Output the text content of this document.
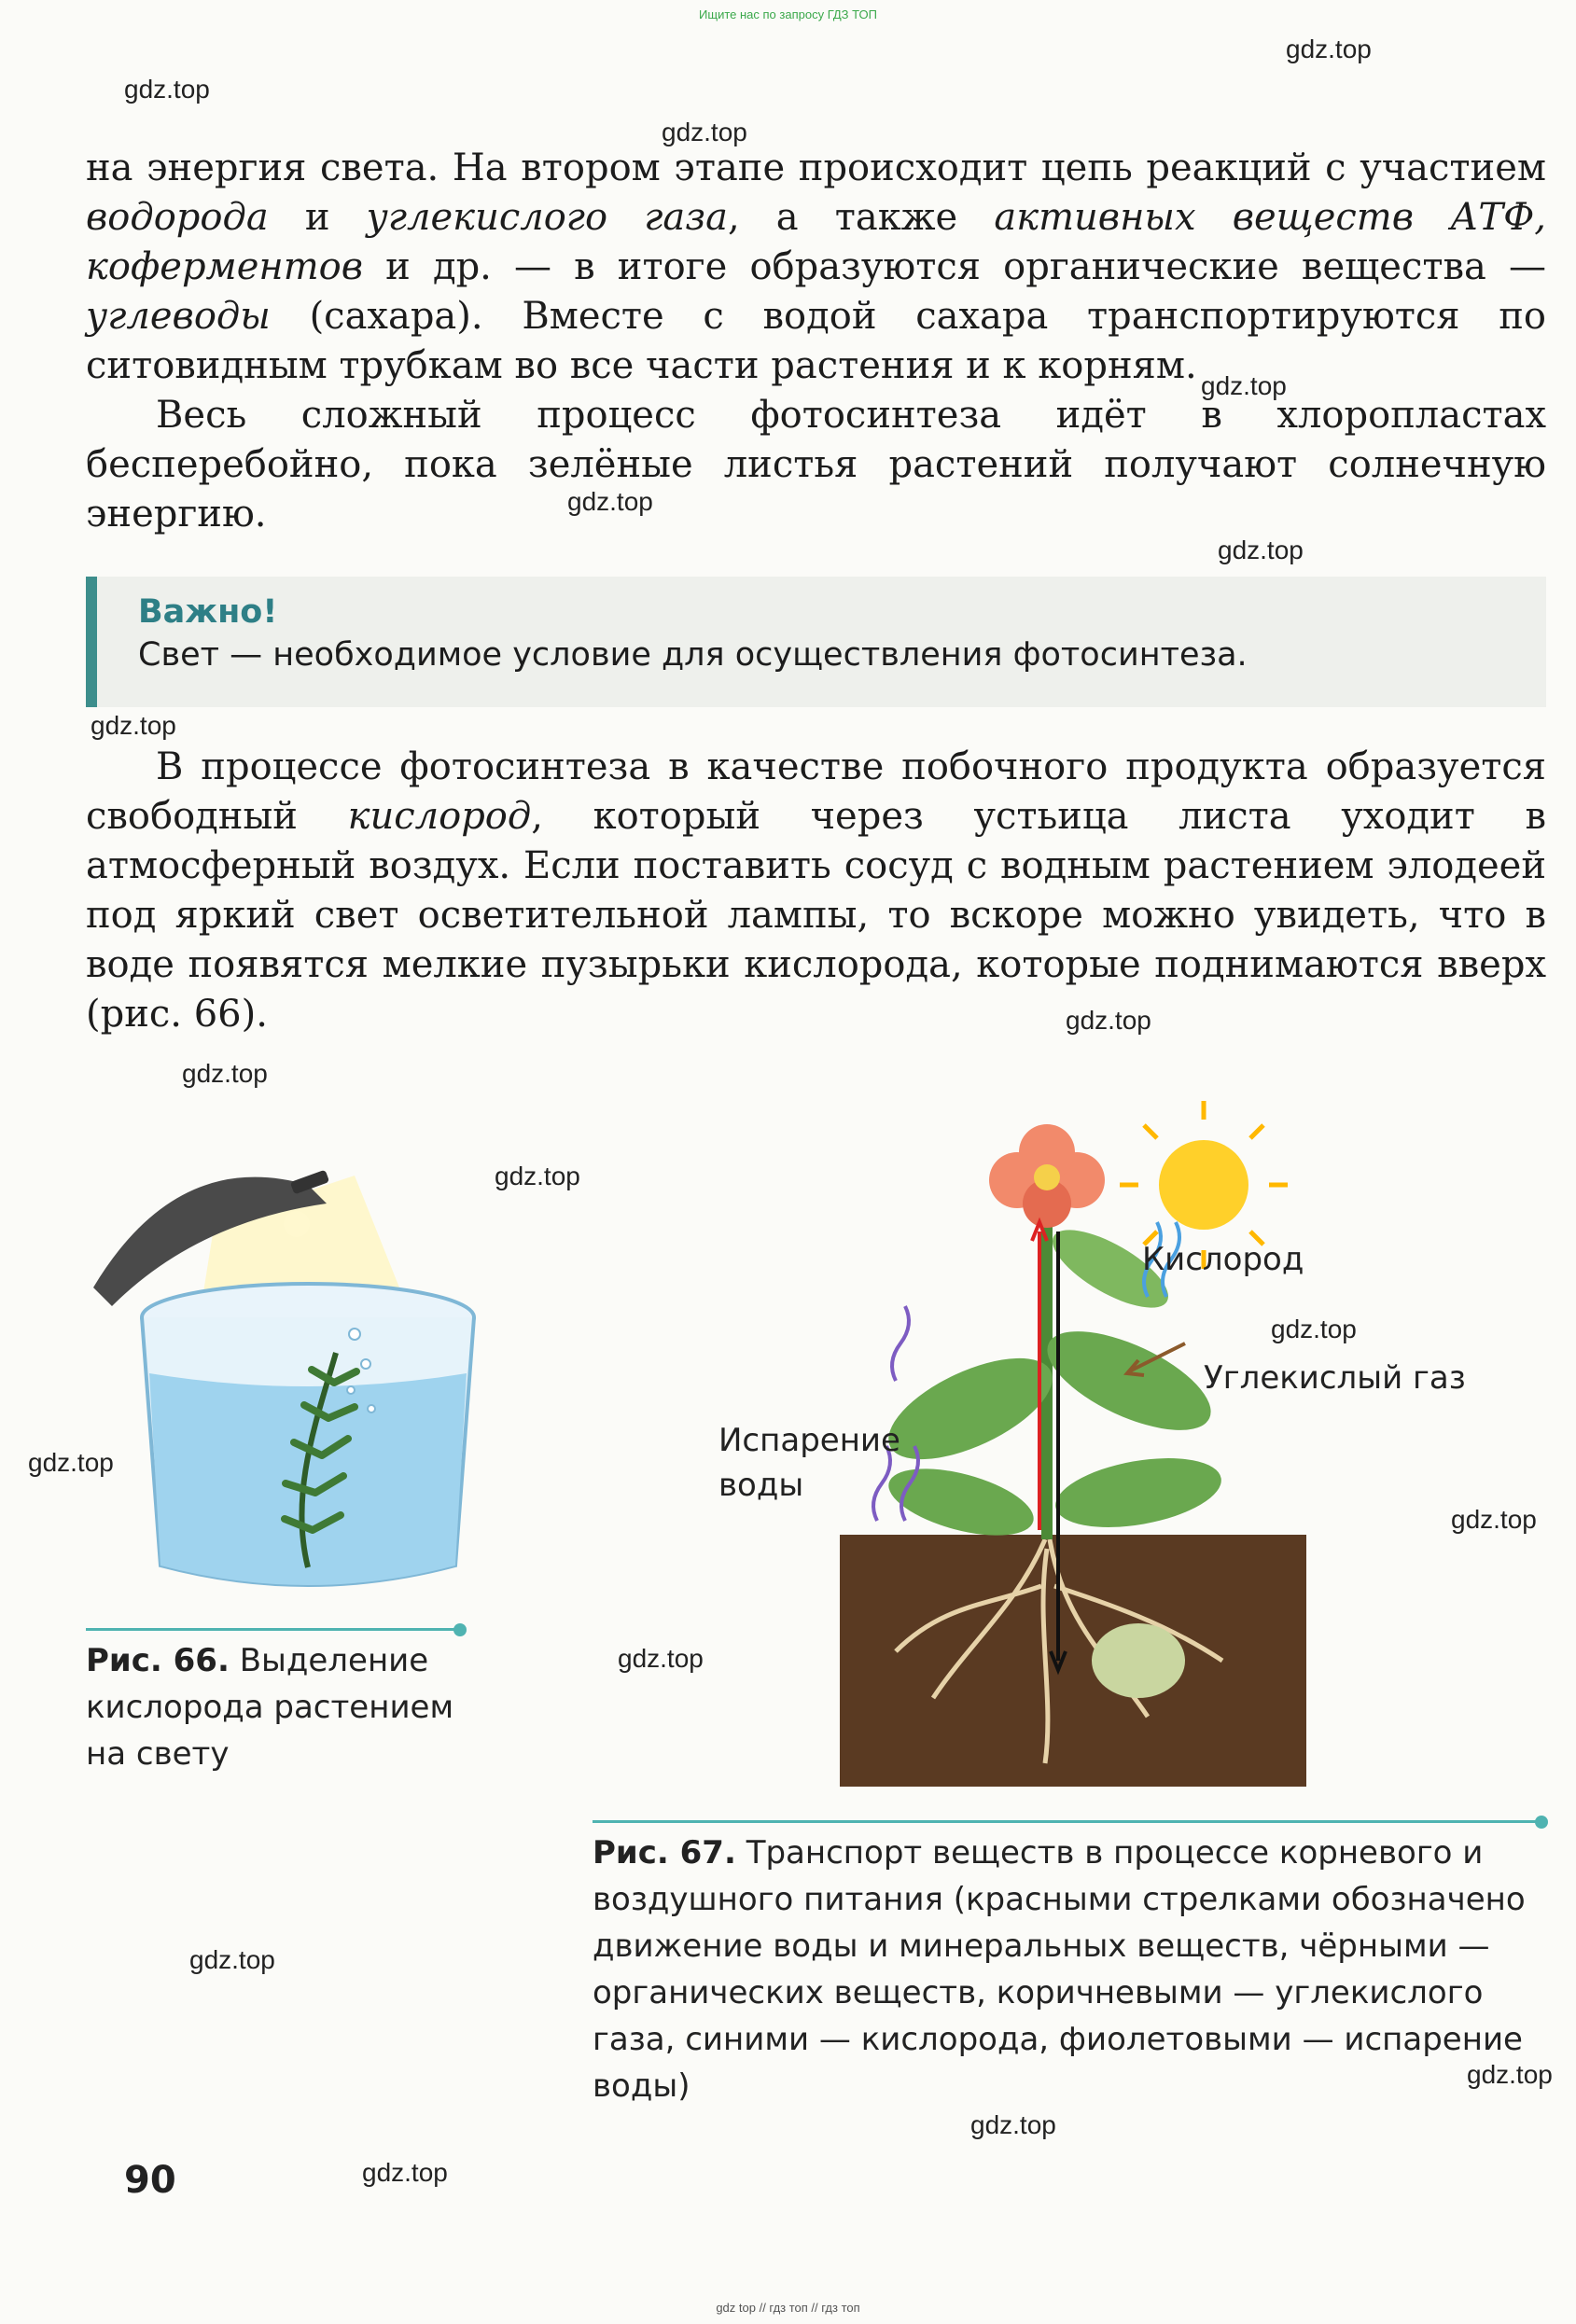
Ищите нас по запросу ГДЗ ТОП
gdz.top
gdz.top
gdz.top
gdz.top
gdz.top
gdz.top
gdz.top
gdz.top
gdz.top
gdz.top
gdz.top
gdz.top
gdz.top
gdz.top
gdz.top
gdz.top
gdz.top
gdz.top

на энергия света. На втором этапе происходит цепь реакций с участием водорода и углекислого газа, а также активных веществ АТФ, коферментов и др. — в итоге образуются органические вещества — углеводы (сахара). Вместе с водой сахара транспортируются по ситовидным трубкам во все части растения и к корням.

Весь сложный процесс фотосинтеза идёт в хлоропластах бесперебойно, пока зелёные листья растений получают солнечную энергию.

Важно!
Свет — необходимое условие для осуществления фотосинтеза.

В процессе фотосинтеза в качестве побочного продукта образуется свободный кислород, который через устьица листа уходит в атмосферный воздух. Если поставить сосуд с водным растением элодеей под яркий свет осветительной лампы, то вскоре можно увидеть, что в воде появятся мелкие пузырьки кислорода, которые поднимаются вверх (рис. 66).

Рис. 66. Выделение кислорода растением на свету
Кислород
Углекислый газ
Испарение
воды
Рис. 67. Транспорт веществ в процессе корневого и воздушного питания (красными стрелками обозначено движение воды и минеральных веществ, чёрными — органических веществ, коричневыми — углекислого газа, синими — кислорода, фиолетовыми — испарение воды)
90
gdz top // гдз топ // гдз топ
